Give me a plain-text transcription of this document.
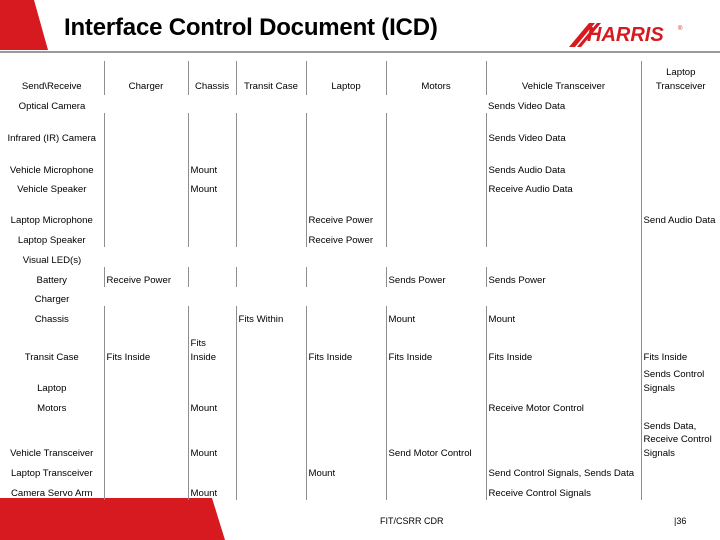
Interface Control Document (ICD)	HARRIS ®
Send\Receive	Charger	Chassis	Transit Case	Laptop	Motors	Vehicle Transceiver	Laptop Transceiver
Optical Camera						Sends Video Data	
Infrared (IR) Camera						Sends Video Data	
Vehicle Microphone		Mount				Sends Audio Data	
Vehicle Speaker		Mount				Receive Audio Data	
Laptop Microphone				Receive Power			Send Audio Data
Laptop Speaker				Receive Power			
Visual LED(s)							
Battery	Receive Power				Sends Power	Sends Power	
Charger							
Chassis			Fits Within		Mount	Mount	
Transit Case	Fits Inside	Fits Inside		Fits Inside	Fits Inside	Fits Inside	Fits Inside
Laptop							Sends Control Signals
Motors		Mount				Receive Motor Control	
Vehicle Transceiver		Mount			Send Motor Control		Sends Data, Receive Control Signals
Laptop Transceiver				Mount		Send Control Signals, Sends Data	
Camera Servo Arm		Mount				Receive Control Signals	
FIT/CSRR CDR	|36
